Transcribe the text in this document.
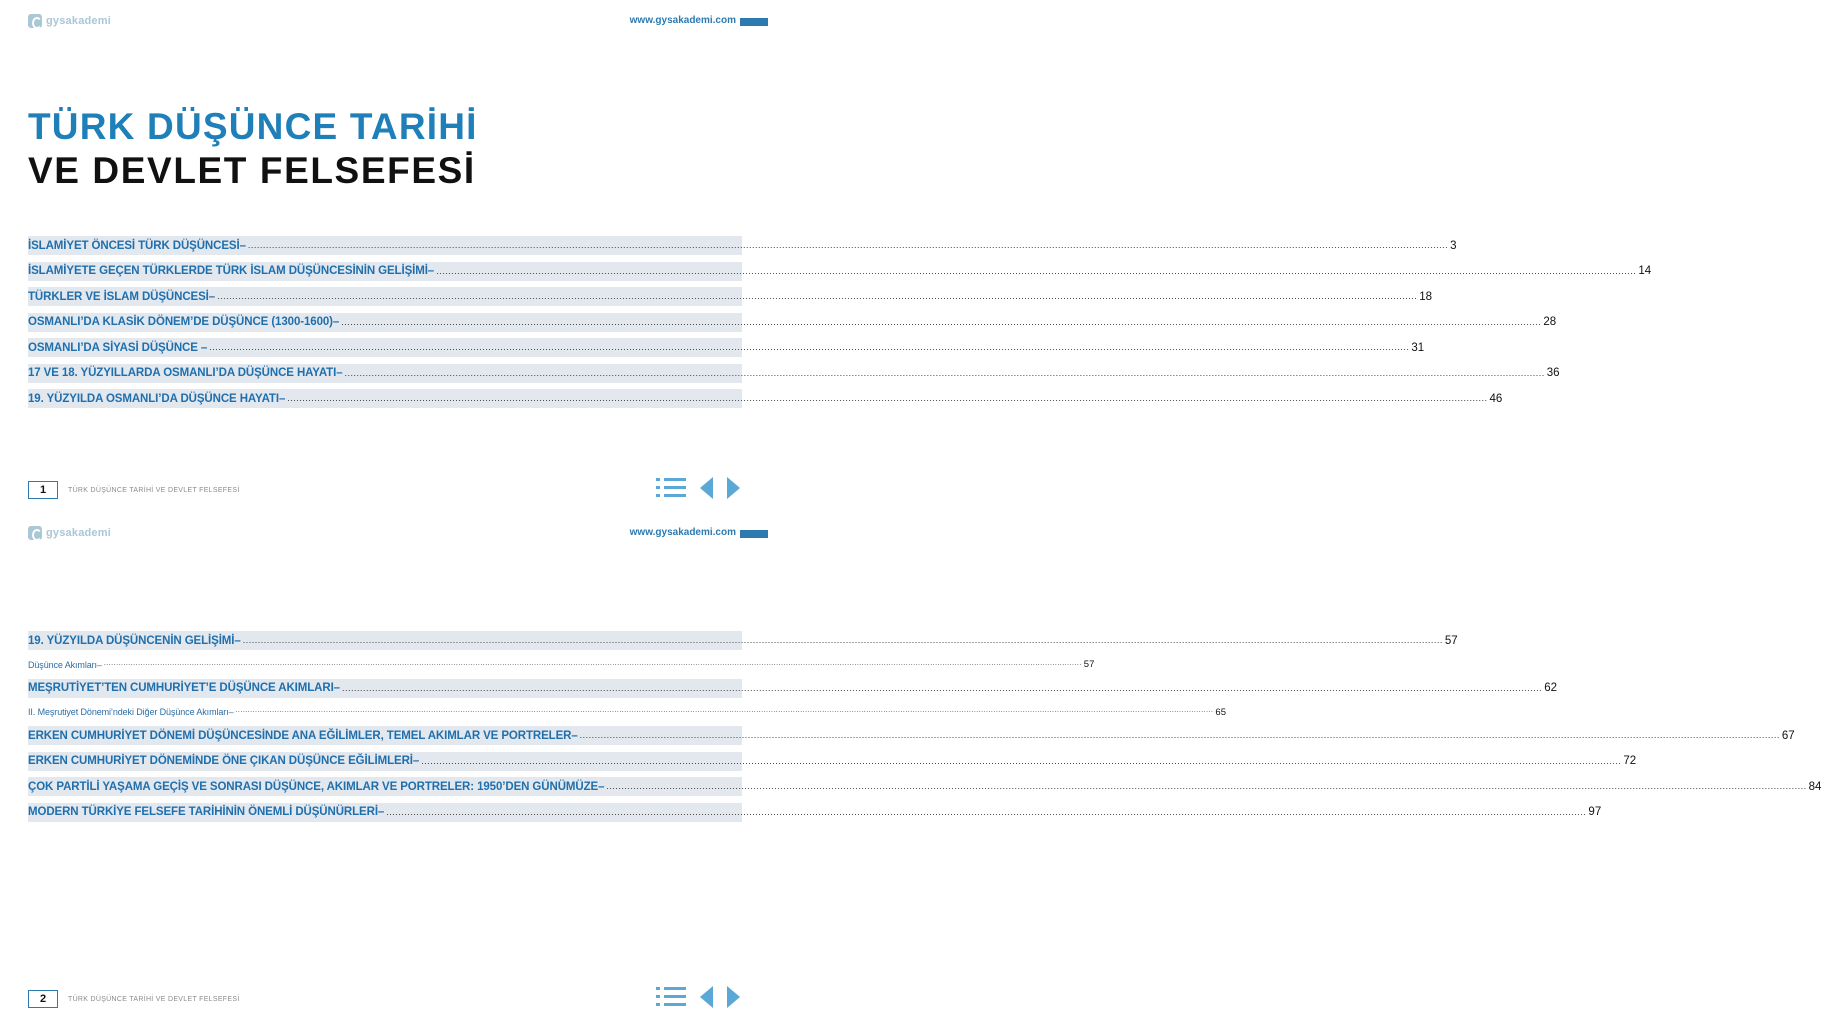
gysakademi	www.gysakademi.com
TÜRK DÜŞÜNCE TARİHİ
VE DEVLET FELSEFESİ
İSLAMİYET ÖNCESİ TÜRK DÜŞÜNCESİ– ................................................................................................................................................................................................................................................................................................................................................................................................................ 3
İSLAMİYETE GEÇEN TÜRKLERDE TÜRK İSLAM DÜŞÜNCESİNİN GELİŞİMİ– ................................................................................................................................................................................................................................................................................................................................................................................................................ 14
TÜRKLER VE İSLAM DÜŞÜNCESİ– ................................................................................................................................................................................................................................................................................................................................................................................................................ 18
OSMANLI’DA KLASİK DÖNEM’DE DÜŞÜNCE (1300-1600)– ................................................................................................................................................................................................................................................................................................................................................................................................................ 28
OSMANLI’DA SİYASİ DÜŞÜNCE – ................................................................................................................................................................................................................................................................................................................................................................................................................ 31
17 VE 18. YÜZYILLARDA OSMANLI’DA DÜŞÜNCE HAYATI– ................................................................................................................................................................................................................................................................................................................................................................................................................ 36
19. YÜZYILDA OSMANLI’DA DÜŞÜNCE HAYATI– ................................................................................................................................................................................................................................................................................................................................................................................................................ 46
1	TÜRK DÜŞÜNCE TARİHİ VE DEVLET FELSEFESİ
gysakademi	www.gysakademi.com
19. YÜZYILDA DÜŞÜNCENİN GELİŞİMİ– ................................................................................................................................................................................................................................................................................................................................................................................................................ 57
Düşünce Akımları– ................................................................................................................................................................................................................................................................................................................................................................................................................ 57
MEŞRUTİYET’TEN CUMHURİYET’E DÜŞÜNCE AKIMLARI– ................................................................................................................................................................................................................................................................................................................................................................................................................ 62
II. Meşrutiyet Dönemi’ndeki Diğer Düşünce Akımları– ................................................................................................................................................................................................................................................................................................................................................................................................................ 65
ERKEN CUMHURİYET DÖNEMİ DÜŞÜNCESİNDE ANA EĞİLİMLER, TEMEL AKIMLAR VE PORTRELER– ................................................................................................................................................................................................................................................................................................................................................................................................................ 67
ERKEN CUMHURİYET DÖNEMİNDE ÖNE ÇIKAN DÜŞÜNCE EĞİLİMLERİ– ................................................................................................................................................................................................................................................................................................................................................................................................................ 72
ÇOK PARTİLİ YAŞAMA GEÇİŞ VE SONRASI DÜŞÜNCE, AKIMLAR VE PORTRELER: 1950’DEN GÜNÜMÜZE– ................................................................................................................................................................................................................................................................................................................................................................................................................ 84
MODERN TÜRKİYE FELSEFE TARİHİNİN ÖNEMLİ DÜŞÜNÜRLERİ– ................................................................................................................................................................................................................................................................................................................................................................................................................ 97
2	TÜRK DÜŞÜNCE TARİHİ VE DEVLET FELSEFESİ
